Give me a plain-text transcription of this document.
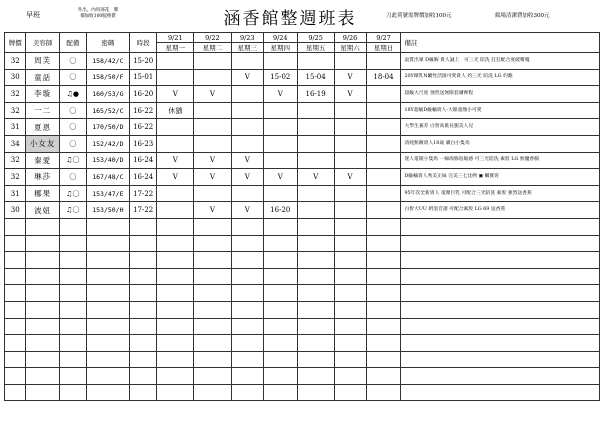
早班
外出、內用部花　牌
價加收100服務費	涵香館整週班表	刀此荷號需牌價加收100元	級場清潔費加收300元
牌價	美容師	配備	密碼	時段	9/21	9/22	9/23	9/24	9/25	9/26	9/27	備註
					星期一	星期二	星期三	星期四	星期五	星期六	星期日	
32	周芙	〇	158/42/C	15-20								氣質出眾 D級胸 貴人誠上　可三光 陪洗 狂狂配合度破嚐嘎
30	童話	〇	158/50/F	15-01			V	15-02	15-04	V	18-04	20Y爆乳N屬性活潑可愛貴人 妁三光 陪洗 LG 妁皰
32	李璇	♫●	160/53/G	16-20	V	V		V	16-19	V		超級大尺度 強烈送無限套爾裡程
32	一二	〇	165/52/C	16-22	休猶							18Y超級D級輸貴人-大眼童顏小可愛
31	夏恩	〇	170/50/D	16-22								大學生兼差 白皙高挑長腿美人兒
34	小女友	〇	152/42/D	16-23								清純無敵貴人18歲 膚白小隻馬
32	秦愛	♫〇	153/40/D	16-24	V	V	V					迷人電眼小隻馬 一線海豚島敏感 可三光陪洗 素股 LG 無魔香腸
32	琳莎	〇	167/48/C	16-24	V	V	V	V	V	V		D級輸貴人秀美正妹 完美三七比例 ▣ 觸實客
31	梛果	♫〇	153/47/E	17-22								95年次全新貴人 童顏巨乳 可配合三光陪洗 素股 強烈送香蕉
30	波妞	♫〇	153/50/H	17-22		V	V	16-20				白皙大UU 奶泡音譜 可配合素股 LG 69 送香蕉
